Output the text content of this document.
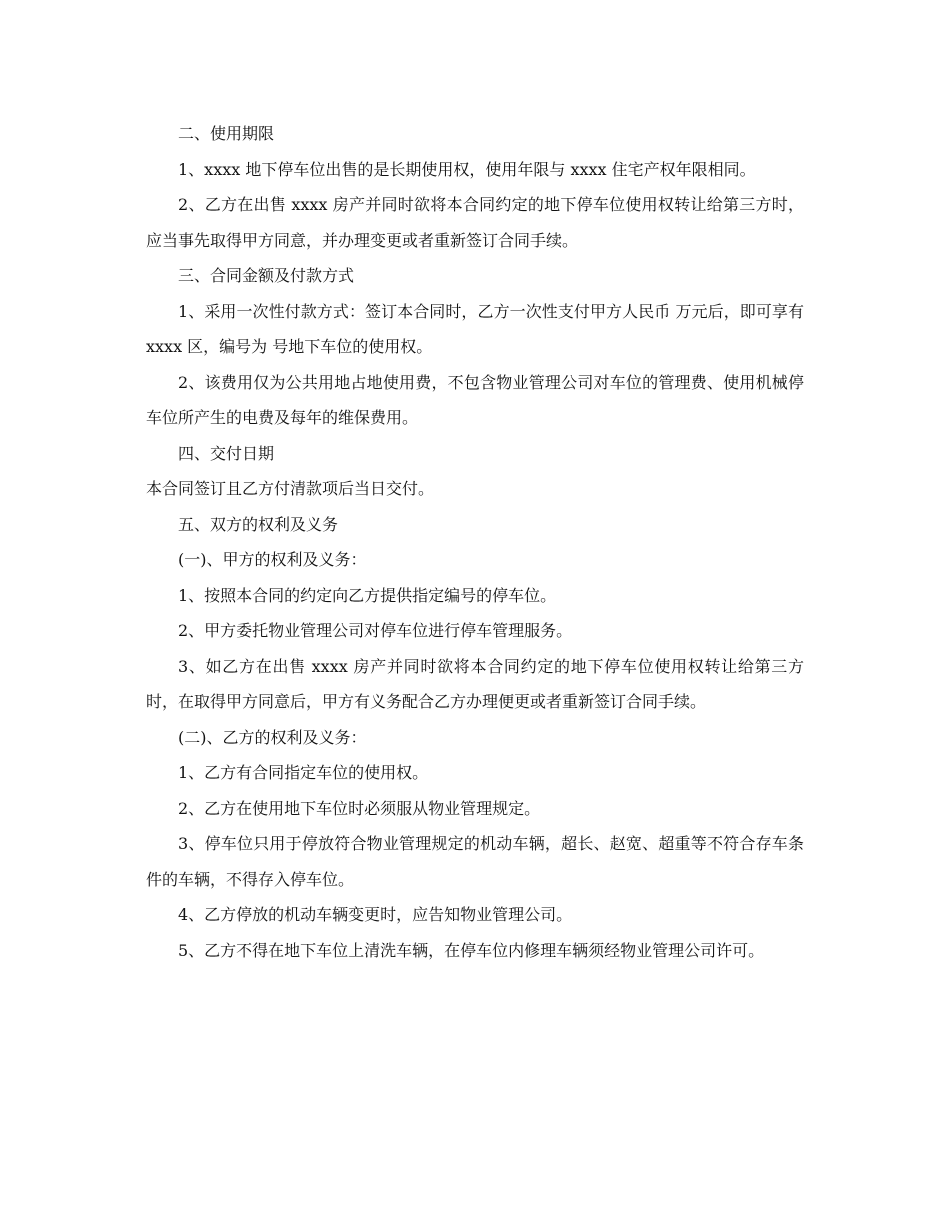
二、使用期限

1、xxxx 地下停车位出售的是长期使用权，使用年限与 xxxx 住宅产权年限相同。

2、乙方在出售 xxxx 房产并同时欲将本合同约定的地下停车位使用权转让给第三方时，应当事先取得甲方同意，并办理变更或者重新签订合同手续。

三、合同金额及付款方式

1、采用一次性付款方式：签订本合同时，乙方一次性支付甲方人民币 万元后，即可享有 xxxx 区，编号为 号地下车位的使用权。

2、该费用仅为公共用地占地使用费，不包含物业管理公司对车位的管理费、使用机械停车位所产生的电费及每年的维保费用。

四、交付日期

本合同签订且乙方付清款项后当日交付。

五、双方的权利及义务

(一)、甲方的权利及义务：

1、按照本合同的约定向乙方提供指定编号的停车位。

2、甲方委托物业管理公司对停车位进行停车管理服务。

3、如乙方在出售 xxxx 房产并同时欲将本合同约定的地下停车位使用权转让给第三方时，在取得甲方同意后，甲方有义务配合乙方办理便更或者重新签订合同手续。

(二)、乙方的权利及义务：

1、乙方有合同指定车位的使用权。

2、乙方在使用地下车位时必须服从物业管理规定。

3、停车位只用于停放符合物业管理规定的机动车辆，超长、赵宽、超重等不符合存车条件的车辆，不得存入停车位。

4、乙方停放的机动车辆变更时，应告知物业管理公司。

5、乙方不得在地下车位上清洗车辆，在停车位内修理车辆须经物业管理公司许可。
